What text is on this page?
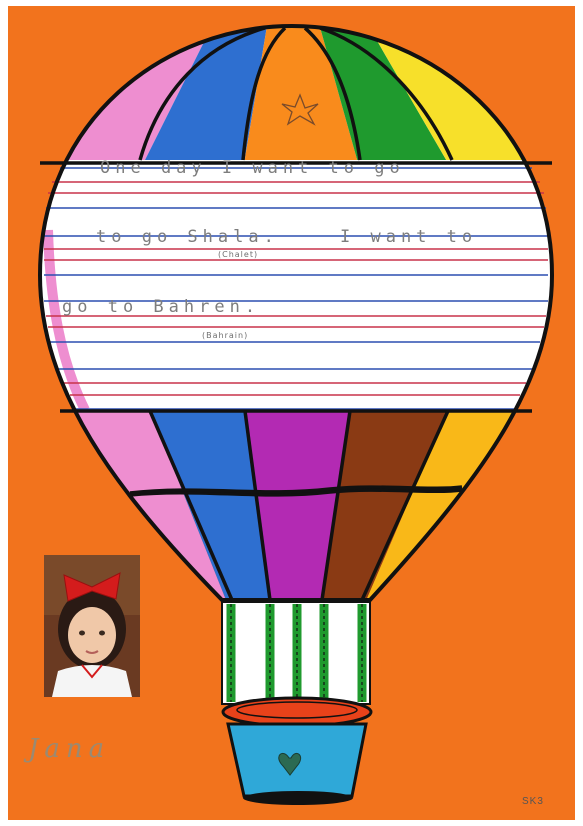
One day I want to go
to go Shala.	I want to
(Chalet)
go to Bahren.
(Bahrain)
Jana
SK3
